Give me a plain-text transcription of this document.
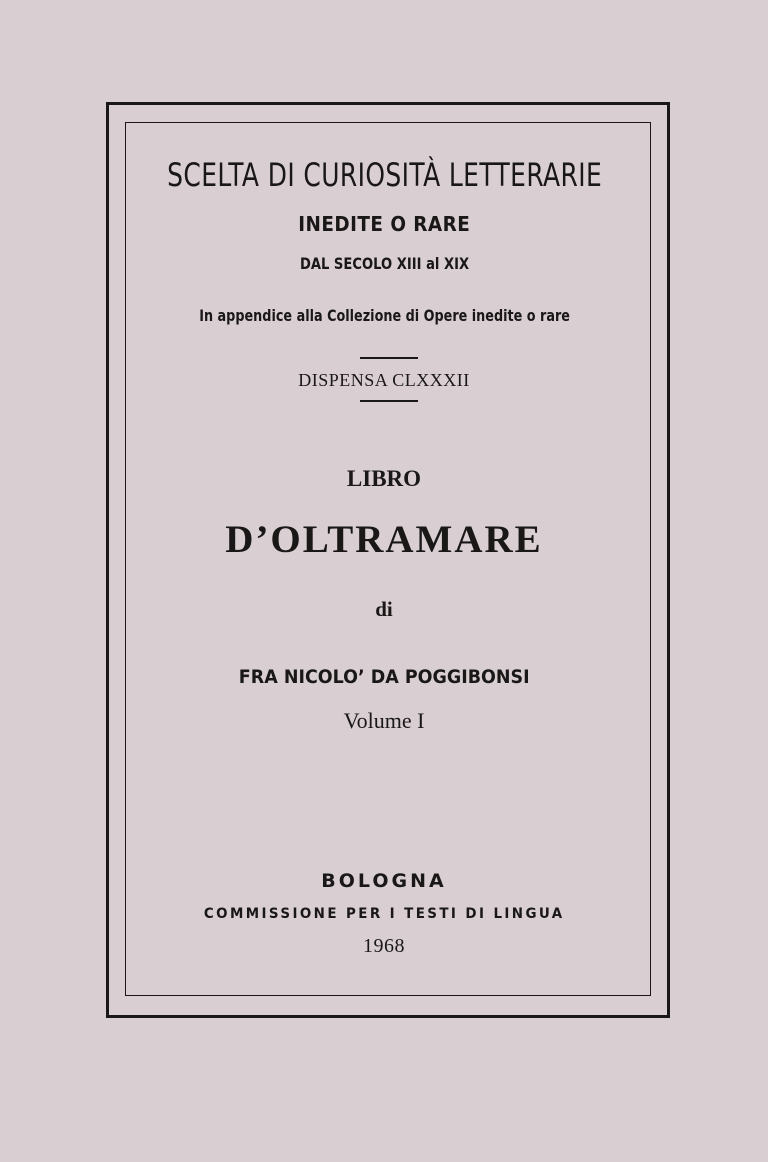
SCELTA DI CURIOSITÀ LETTERARIE
INEDITE O RARE
DAL SECOLO XIII al XIX
In appendice alla Collezione di Opere inedite o rare
DISPENSA CLXXXII
LIBRO
D’OLTRAMARE
di
FRA NICOLO’ DA POGGIBONSI
Volume I
BOLOGNA
COMMISSIONE PER I TESTI DI LINGUA
1968
